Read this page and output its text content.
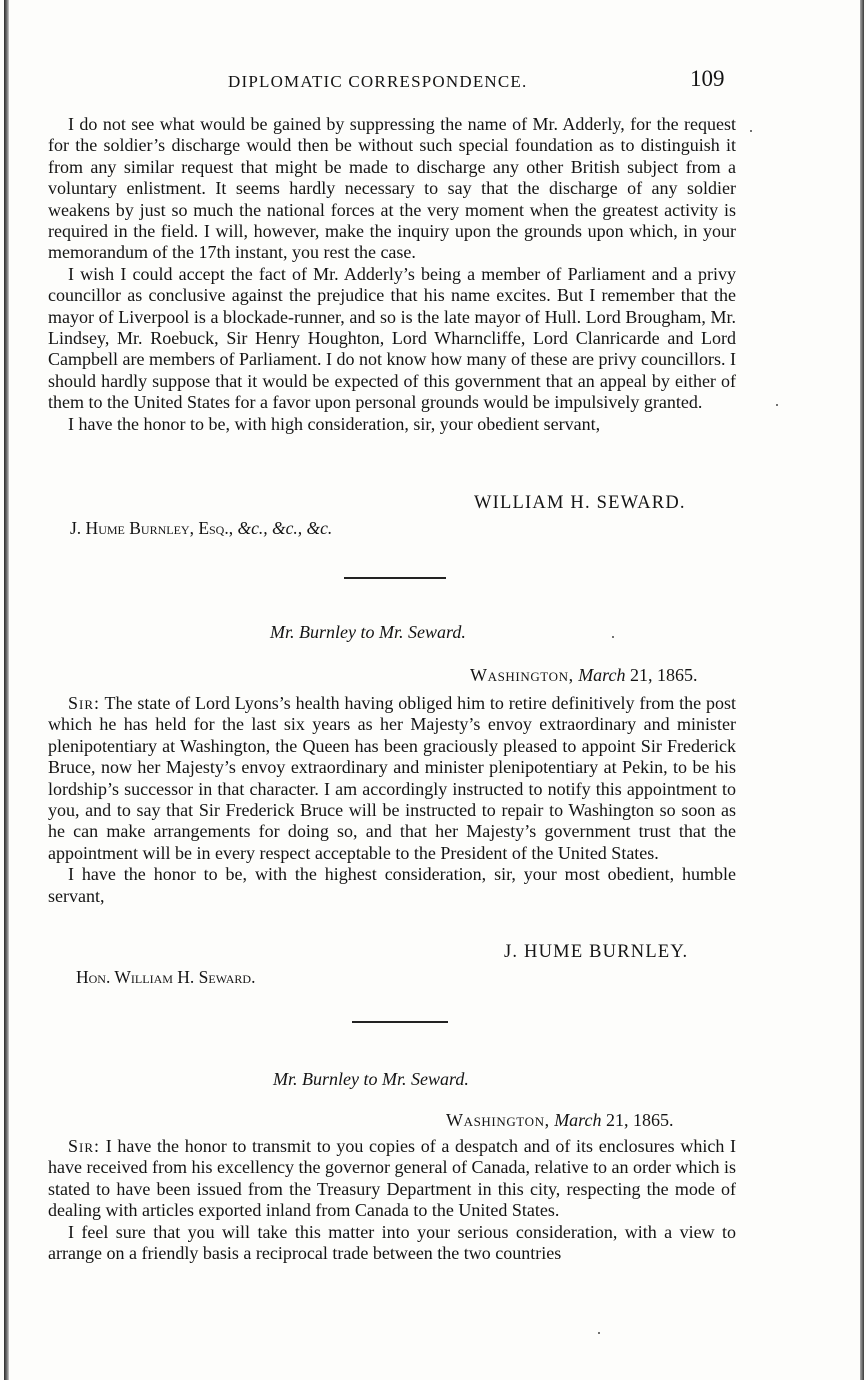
DIPLOMATIC CORRESPONDENCE.	109

I do not see what would be gained by suppressing the name of Mr. Adderly, for the request for the soldier’s discharge would then be without such special foundation as to distinguish it from any similar request that might be made to discharge any other British subject from a voluntary enlistment. It seems hardly necessary to say that the discharge of any soldier weakens by just so much the national forces at the very moment when the greatest activity is required in the field. I will, however, make the inquiry upon the grounds upon which, in your memorandum of the 17th instant, you rest the case.

I wish I could accept the fact of Mr. Adderly’s being a member of Parliament and a privy councillor as conclusive against the prejudice that his name excites. But I remember that the mayor of Liverpool is a blockade-runner, and so is the late mayor of Hull. Lord Brougham, Mr. Lindsey, Mr. Roebuck, Sir Henry Houghton, Lord Wharncliffe, Lord Clanricarde and Lord Campbell are members of Parliament. I do not know how many of these are privy councillors. I should hardly suppose that it would be expected of this government that an appeal by either of them to the United States for a favor upon personal grounds would be impulsively granted.

I have the honor to be, with high consideration, sir, your obedient servant,

WILLIAM H. SEWARD.
J. Hume Burnley, Esq., &c., &c., &c.
Mr. Burnley to Mr. Seward.
Washington, March 21, 1865.

Sir: The state of Lord Lyons’s health having obliged him to retire definitively from the post which he has held for the last six years as her Majesty’s envoy extraordinary and minister plenipotentiary at Washington, the Queen has been graciously pleased to appoint Sir Frederick Bruce, now her Majesty’s envoy extraordinary and minister plenipotentiary at Pekin, to be his lordship’s successor in that character. I am accordingly instructed to notify this appointment to you, and to say that Sir Frederick Bruce will be instructed to repair to Washington so soon as he can make arrangements for doing so, and that her Majesty’s government trust that the appointment will be in every respect acceptable to the President of the United States.

I have the honor to be, with the highest consideration, sir, your most obedient, humble servant,

J. HUME BURNLEY.
Hon. William H. Seward.
Mr. Burnley to Mr. Seward.
Washington, March 21, 1865.

Sir: I have the honor to transmit to you copies of a despatch and of its enclosures which I have received from his excellency the governor general of Canada, relative to an order which is stated to have been issued from the Treasury Department in this city, respecting the mode of dealing with articles exported inland from Canada to the United States.

I feel sure that you will take this matter into your serious consideration, with a view to arrange on a friendly basis a reciprocal trade between the two countries
